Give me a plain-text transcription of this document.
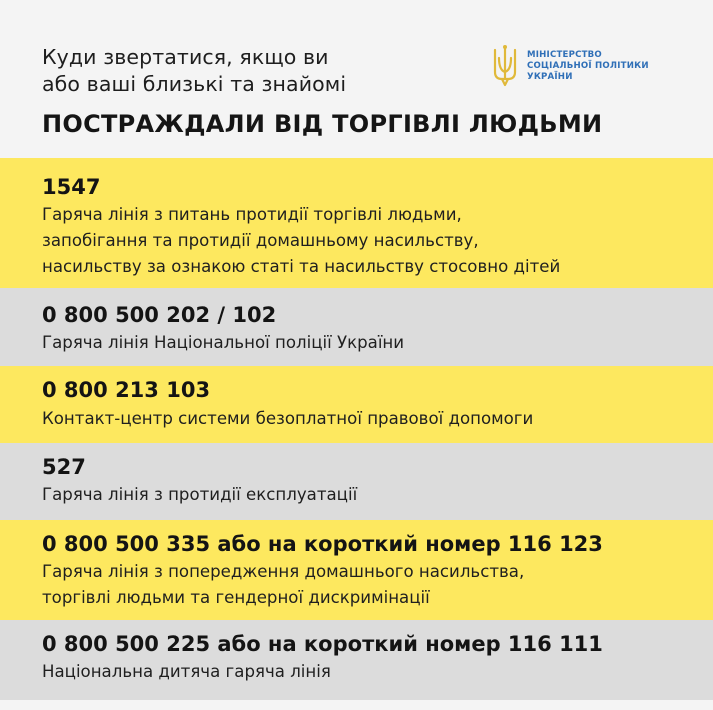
Куди звертатися, якщо ви
або ваші близькі та знайомі
МІНІСТЕРСТВО
СОЦІАЛЬНОЇ ПОЛІТИКИ
УКРАЇНИ
ПОСТРАЖДАЛИ ВІД ТОРГІВЛІ ЛЮДЬМИ
1547
Гаряча лінія з питань протидії торгівлі людьми,
запобігання та протидії домашньому насильству,
насильству за ознакою статі та насильству стосовно дітей
0 800 500 202 / 102
Гаряча лінія Національної поліції України
0 800 213 103
Контакт-центр системи безоплатної правової допомоги
527
Гаряча лінія з протидії експлуатації
0 800 500 335 або на короткий номер 116 123
Гаряча лінія з попередження домашнього насильства,
торгівлі людьми та гендерної дискримінації
0 800 500 225 або на короткий номер 116 111
Національна дитяча гаряча лінія
